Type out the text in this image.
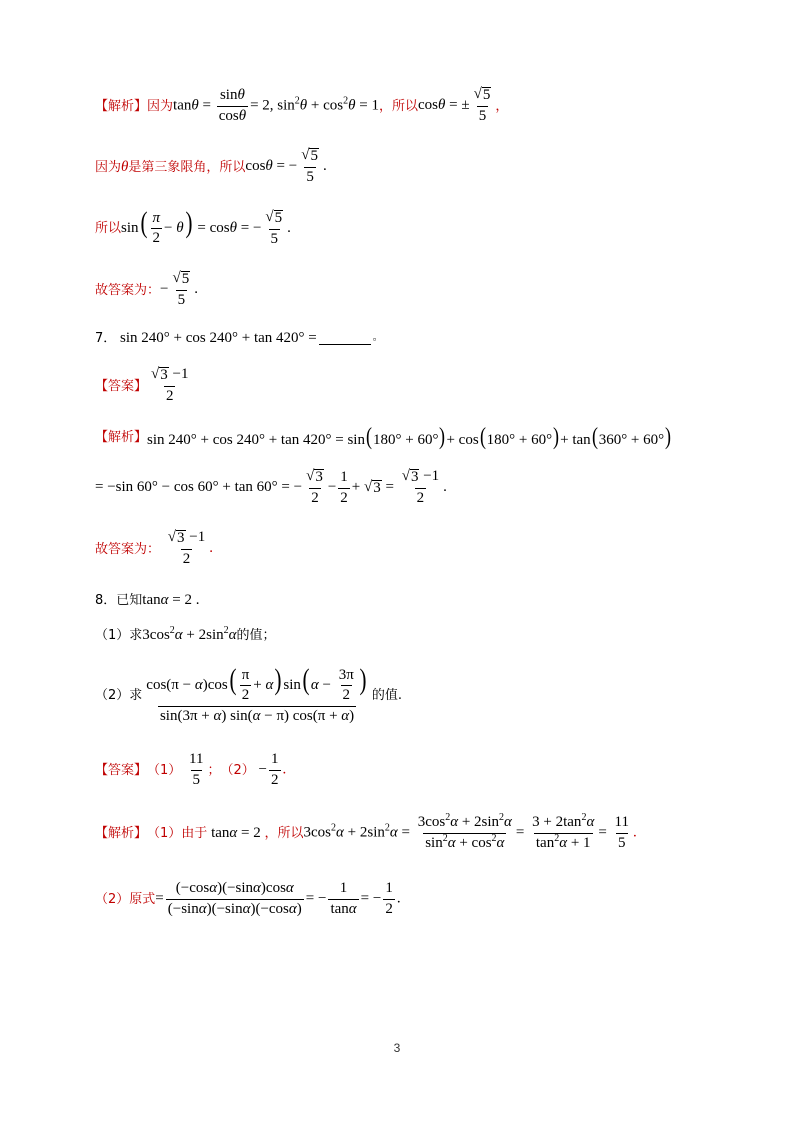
【解析】 因为 $\tan\theta = \frac{\sin\theta}{\cos\theta} = 2$, $\sin^2\theta + \cos^2\theta = 1$ ，所以 cosθ = ± $\frac{√ 5}{5}$ ，
因为θ是第三象限角，所以 cosθ = − $\frac{√ 5}{5}$ .
所以 $\sin( \frac{\pi}{2} - \theta) = \cos\theta$ = − $\frac{√ 5}{5}$ .
故答案为： − $\frac{√ 5}{5}$ .
7． sin 240° + cos 240° + tan 420° =	。
【答案】 $\frac{√ 3 -1}{2}$
【解析】 sin 240° + cos 240° + tan 420° = sin(180° + 60°)+ cos(180° + 60°)+ tan(360° + 60°)
= −sin 60° − cos 60° + tan 60° = − $\frac{√ 3}{2} - \frac{1}{2}$ + √ $3 = \frac{√ 3 -1}{2}$ .
故答案为：
$\frac{√ 3 -1}{2}$ .
8． 已知 tanα = 2 .
（1） 求 $3\cos^2\alpha + 2\sin^2\alpha$ 的值；
（2） 求 $\frac{\cos(\pi - \alpha)\cos( \frac{\pi}{2} + \alpha) \sin( \alpha - \frac{3\pi}{2} )}{\sin(3\pi + \alpha) \sin(\alpha - \pi) \cos(\pi + \alpha)}$ 的值.
【答案】 （1）
$\frac{11}{5}$ ； $(2) - \frac{1}{2}$ .
【解析】 （1） 由于 tanα = 2 ，所以 $3\cos^2\alpha + 2\sin^2\alpha = \frac{3\cos^2\alpha + 2\sin^2\alpha}{\sin^2\alpha + \cos^2\alpha} = \frac{3 + 2\tan^2\alpha}{\tan^2\alpha + 1} = \frac{11}{5}$ .
（2） 原式 = $\frac{(-\cos\alpha)(-\sin\alpha)\cos\alpha}{(-\sin\alpha)(-\sin\alpha)(-\cos\alpha)}$ = − $\frac{1}{\tan\alpha}$ = − $\frac{1}{2}$ .
3
